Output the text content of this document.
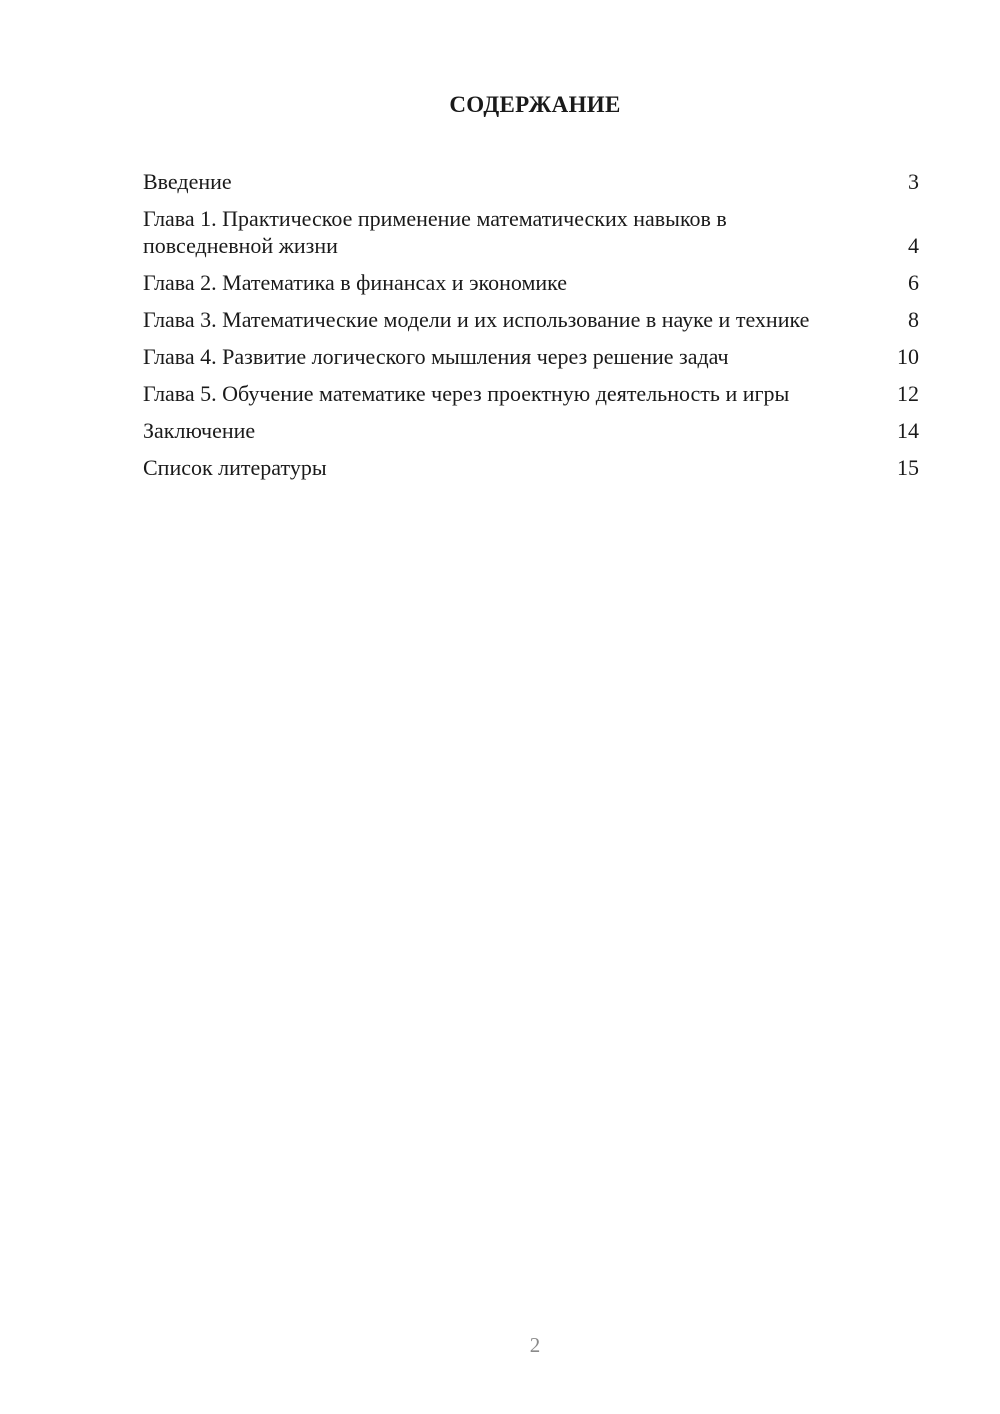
СОДЕРЖАНИЕ
Введение	3
Глава 1. Практическое применение математических навыков в повседневной жизни	4
Глава 2. Математика в финансах и экономике	6
Глава 3. Математические модели и их использование в науке и технике	8
Глава 4. Развитие логического мышления через решение задач	10
Глава 5. Обучение математике через проектную деятельность и игры	12
Заключение	14
Список литературы	15
2
